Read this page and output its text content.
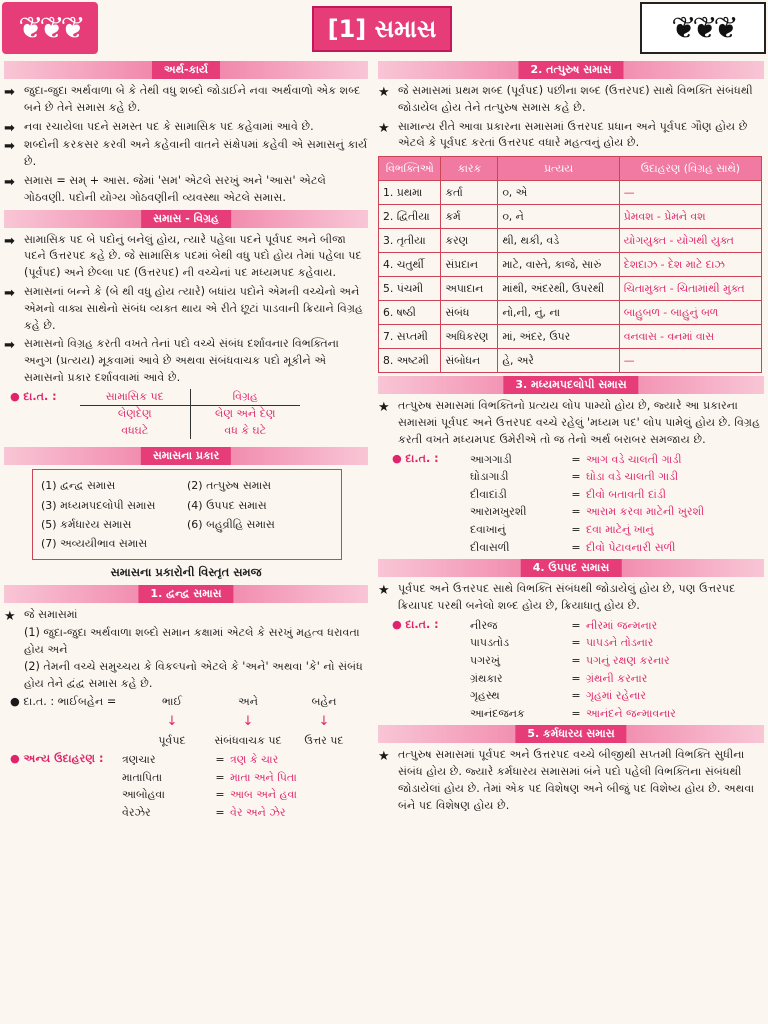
❦❦❦	[1] સમાસ	❦❦❦
અર્થ-કાર્ય
➡ જુદા-જુદા અર્થવાળા બે કે તેથી વધુ શબ્દો જોડાઈને નવા અર્થવાળો એક શબ્દ બને છે તેને સમાસ કહે છે.
➡ નવા રચાયેલા પદને સમસ્ત પદ કે સામાસિક પદ કહેવામાં આવે છે.
➡ શબ્દોની કરકસર કરવી અને કહેવાની વાતને સંક્ષેપમાં કહેવી એ સમાસનું કાર્ય છે.
➡ સમાસ = સમ્ + આસ. જેમાં 'સમ' એટલે સરખું અને 'આસ' એટલે ગોઠવણી. પદોની યોગ્ય ગોઠવણીની વ્યવસ્થા એટલે સમાસ.
સમાસ - વિગ્રહ
➡ સામાસિક પદ બે પદોનું બનેલું હોય, ત્યારે પહેલા પદને પૂર્વપદ અને બીજા પદને ઉત્તરપદ કહે છે. જે સામાસિક પદમાં બેથી વધુ પદો હોય તેમાં પહેલા પદ (પૂર્વપદ) અને છેલ્લા પદ (ઉત્તરપદ) ની વચ્ચેનાં પદ મધ્યમપદ કહેવાય.
➡ સમાસનાં બન્ને કે (બે થી વધુ હોય ત્યારે) બધાંય પદોને એમની વચ્ચેનો અને એમનો વાક્ય સાથેનો સંબંધ વ્યક્ત થાય એ રીતે છૂટાં પાડવાની ક્રિયાને વિગ્રહ કહે છે.
➡ સમાસનો વિગ્રહ કરતી વખતે તેનાં પદો વચ્ચે સંબંધ દર્શાવનાર વિભક્તિના અનુગ (પ્રત્યય) મૂકવામાં આવે છે અથવા સંબંધવાચક પદો મૂકીને એ સમાસનો પ્રકાર દર્શાવવામાં આવે છે.
● દા.ત. :	સામાસિક પદ	વિગ્રહ
લેણદેણ	લેણ અને દેણ
વધઘટે	વધ કે ઘટે
સમાસના પ્રકાર
(1) દ્વન્દ્વ સમાસ	(2) તત્પુરુષ સમાસ
(3) મધ્યમપદલોપી સમાસ	(4) ઉપપદ સમાસ
(5) કર્મધારય સમાસ	(6) બહુવ્રીહિ સમાસ
(7) અવ્યયીભાવ સમાસ
સમાસના પ્રકારોની વિસ્તૃત સમજ
1. દ્વન્દ્વ સમાસ
★ જે સમાસમાં
(1) જુદા-જુદા અર્થવાળા શબ્દો સમાન કક્ષામાં એટલે કે સરખું મહત્વ ધરાવતા હોય અને
(2) તેમની વચ્ચે સમુચ્ચય કે વિકલ્પનો એટલે કે 'અને' અથવા 'કે' નો સંબંધ હોય તેને દ્વંદ્વ સમાસ કહે છે.
● દા.ત. : ભાઈબહેન =	ભાઈ	અને	બહેન
↓	↓	↓
પૂર્વપદ	સંબંધવાચક પદ	ઉત્તર પદ
● અન્ય ઉદાહરણ :	ત્રણચાર	= ત્રણ કે ચાર
માતાપિતા	= માતા અને પિતા
આબોહવા	= આબ અને હવા
વેરઝેર	= વેર અને ઝેર
2. તત્પુરુષ સમાસ
★ જે સમાસમાં પ્રથમ શબ્દ (પૂર્વપદ) પછીના શબ્દ (ઉત્તરપદ) સાથે વિભક્તિ સંબંધથી જોડાયેલ હોય તેને તત્પુરુષ સમાસ કહે છે.
★ સામાન્ય રીતે આવા પ્રકારના સમાસમાં ઉત્તરપદ પ્રધાન અને પૂર્વપદ ગૌણ હોય છે એટલે કે પૂર્વપદ કરતાં ઉત્તરપદ વધારે મહત્વનું હોય છે.
વિભક્તિઓ	કારક	પ્રત્યય	ઉદાહરણ (વિગ્રહ સાથે)
1. પ્રથમા	કર્તા	૦, એ	—
2. દ્વિતીયા	કર્મ	૦, ને	પ્રેમવશ - પ્રેમને વશ
3. તૃતીયા	કરણ	થી, થકી, વડે	યોગયુક્ત - યોગથી યુક્ત
4. ચતુર્થી	સંપ્રદાન	માટે, વાસ્તે, કાજે, સારું	દેશદાઝ - દેશ માટે દાઝ
5. પંચમી	અપાદાન	માંથી, અંદરથી, ઉપરથી	ચિતામુક્ત - ચિતામાંથી મુક્ત
6. ષષ્ઠી	સંબંધ	નો,ની, નું, ના	બાહુબળ - બાહુનું બળ
7. સપ્તમી	અધિકરણ	માં, અંદર, ઉપર	વનવાસ - વનમાં વાસ
8. અષ્ટમી	સંબોધન	હે, અરે	—
3. મધ્યમપદલોપી સમાસ
★ તત્પુરુષ સમાસમાં વિભક્તિનો પ્રત્યય લોપ પામ્યો હોય છે, જ્યારે આ પ્રકારના સમાસમાં પૂર્વપદ અને ઉત્તરપદ વચ્ચે રહેલું 'મધ્યમ પદ' લોપ પામેલું હોય છે. વિગ્રહ કરતી વખતે મધ્યમપદ ઉમેરીએ તો જ તેનો અર્થ બરાબર સમજાય છે.
● દા.ત. :	આગગાડી	= આગ વડે ચાલતી ગાડી
ઘોડાગાડી	= ઘોડા વડે ચાલતી ગાડી
દીવાદાંડી	= દીવો બતાવતી દાંડી
આરામખુરશી	= આરામ કરવા માટેની ખુરશી
દવાખાનું	= દવા માટેનું ખાનું
દીવાસળી	= દીવો પેટાવનારી સળી
4. ઉપપદ સમાસ
★ પૂર્વપદ અને ઉત્તરપદ સાથે વિભક્તિ સંબંધથી જોડાયેલું હોય છે, પણ ઉત્તરપદ ક્રિયાપદ પરથી બનેલો શબ્દ હોય છે, ક્રિયાધાતુ હોય છે.
● દા.ત. :	નીરજ	= નીરમાં જન્મનાર
પાપડતોડ	= પાપડને તોડનાર
પગરખું	= પગનું રક્ષણ કરનાર
ગ્રંથકાર	= ગ્રંથની કરનાર
ગૃહસ્થ	= ગૃહમાં રહેનાર
આનંદજનક	= આનંદને જન્માવનાર
5. કર્મધારય સમાસ
★ તત્પુરુષ સમાસમાં પૂર્વપદ અને ઉત્તરપદ વચ્ચે બીજીથી સપ્તમી વિભક્તિ સુધીના સંબંધ હોય છે. જ્યારે કર્મધારય સમાસમાં બંને પદો પહેલી વિભક્તિના સંબંધથી જોડાયેલાં હોય છે. તેમાં એક પદ વિશેષણ અને બીજું પદ વિશેષ્ય હોય છે. અથવા બંને પદ વિશેષણ હોય છે.
